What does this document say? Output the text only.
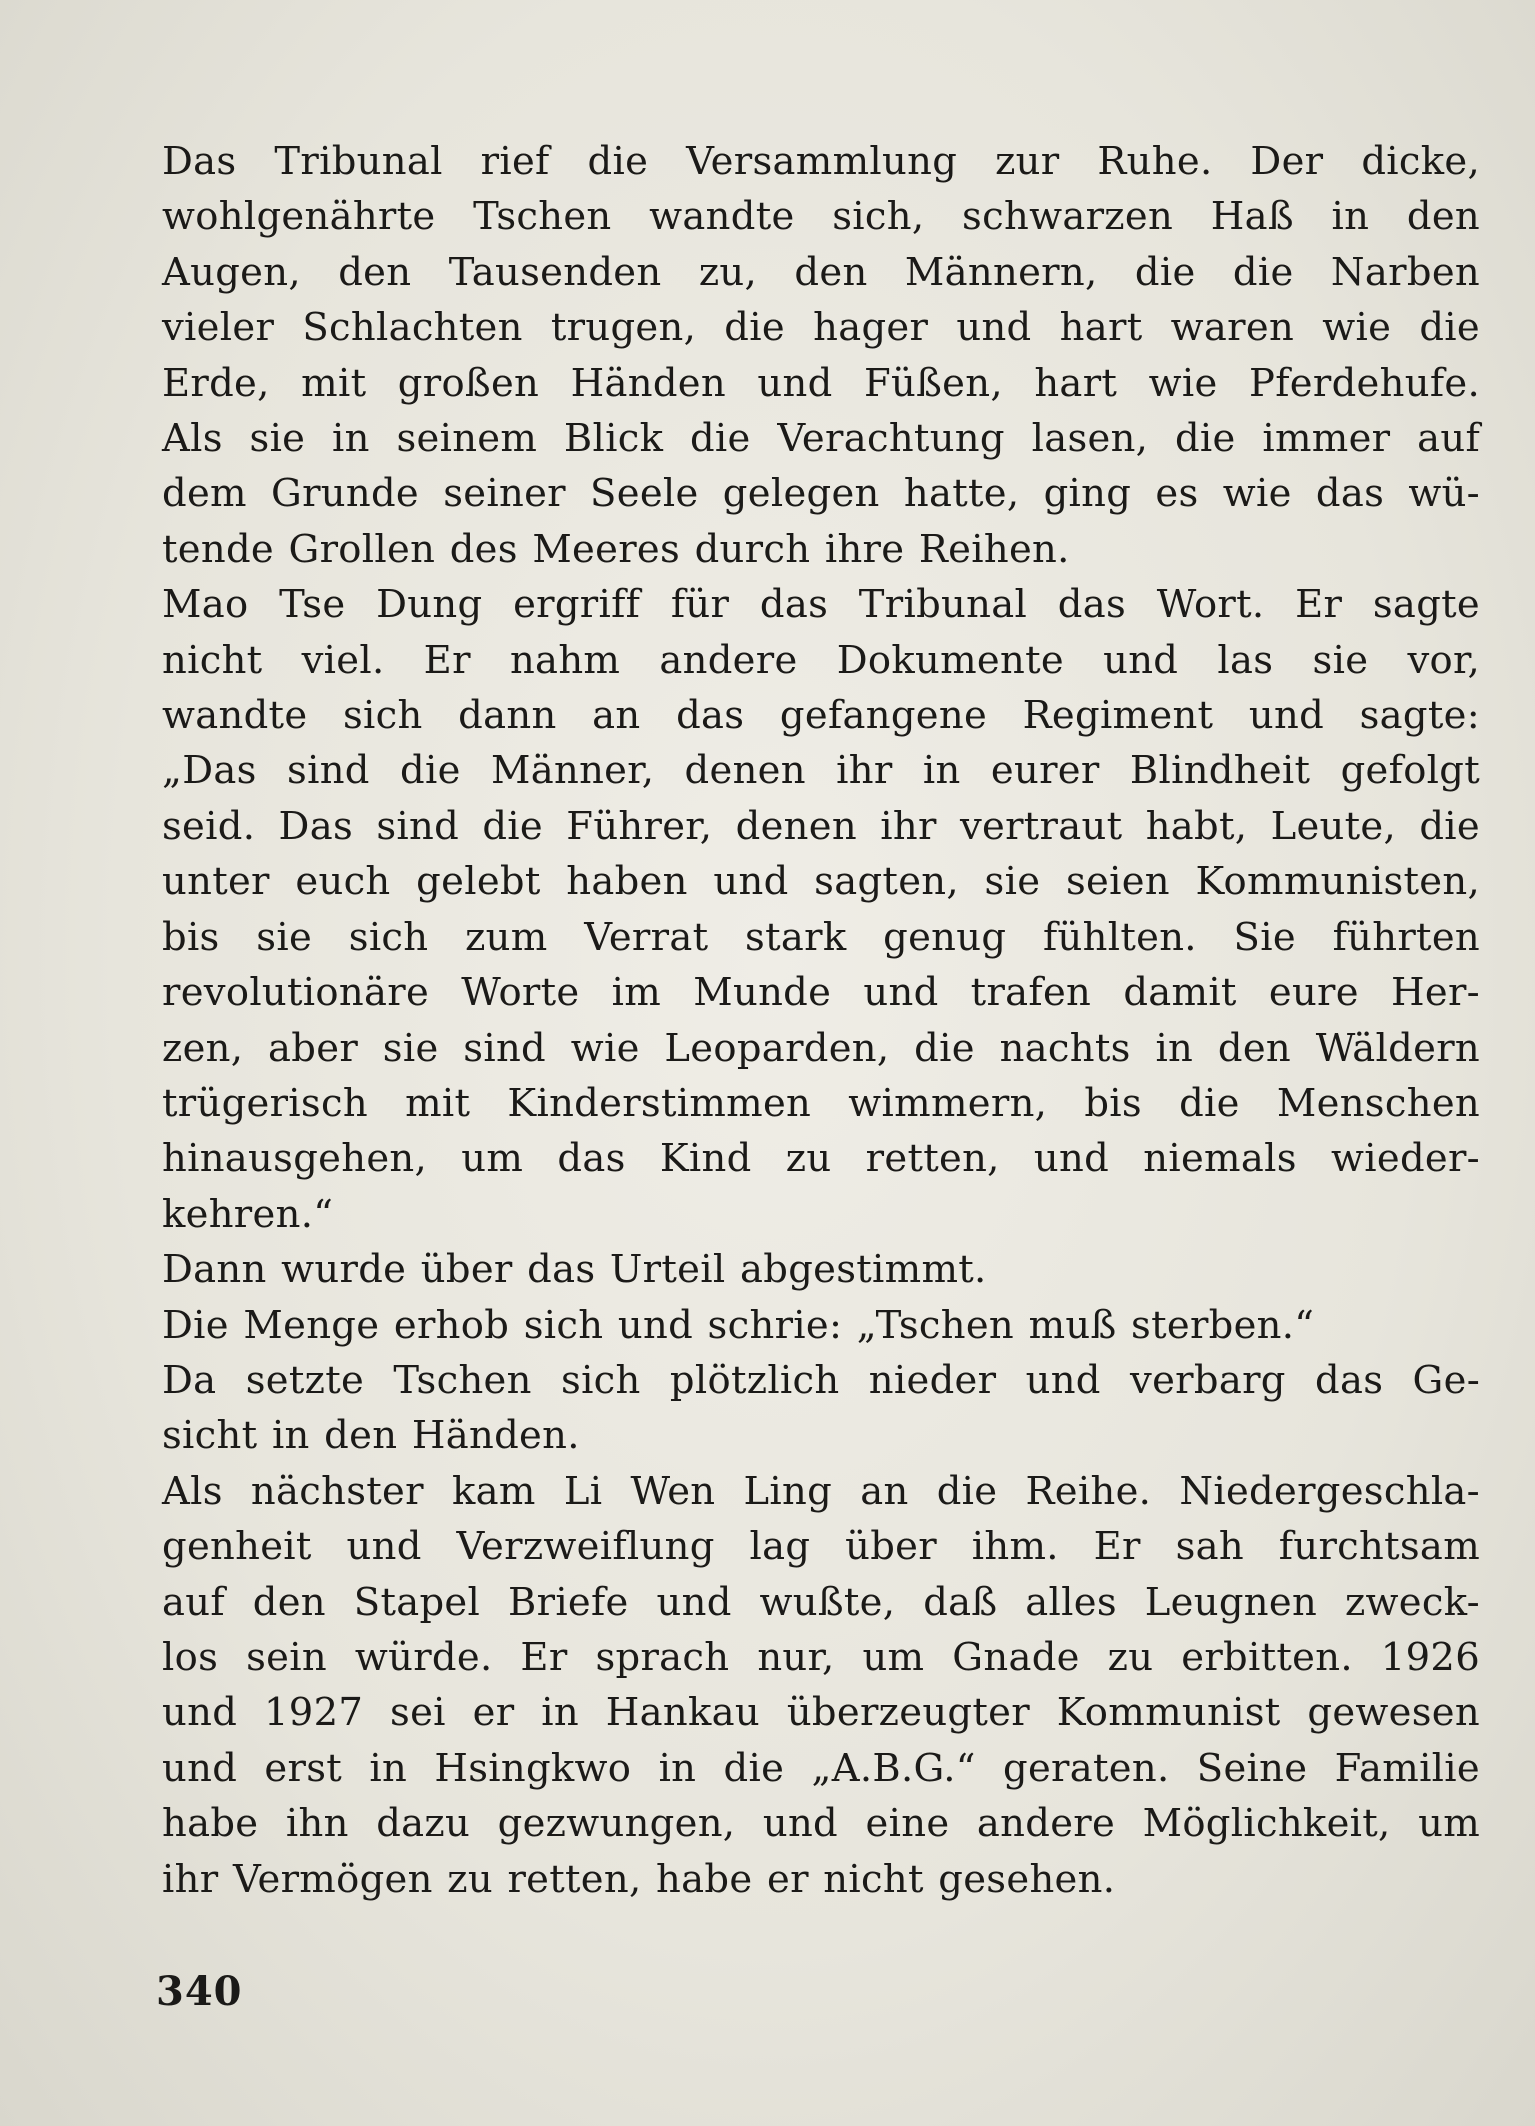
Das Tribunal rief die Versammlung zur Ruhe. Der dicke,
wohlgenährte Tschen wandte sich, schwarzen Haß in den
Augen, den Tausenden zu, den Männern, die die Narben
vieler Schlachten trugen, die hager und hart waren wie die
Erde, mit großen Händen und Füßen, hart wie Pferdehufe.
Als sie in seinem Blick die Verachtung lasen, die immer auf
dem Grunde seiner Seele gelegen hatte, ging es wie das wü-
tende Grollen des Meeres durch ihre Reihen.

Mao Tse Dung ergriff für das Tribunal das Wort. Er sagte
nicht viel. Er nahm andere Dokumente und las sie vor,
wandte sich dann an das gefangene Regiment und sagte:
„Das sind die Männer, denen ihr in eurer Blindheit gefolgt
seid. Das sind die Führer, denen ihr vertraut habt, Leute, die
unter euch gelebt haben und sagten, sie seien Kommunisten,
bis sie sich zum Verrat stark genug fühlten. Sie führten
revolutionäre Worte im Munde und trafen damit eure Her-
zen, aber sie sind wie Leoparden, die nachts in den Wäldern
trügerisch mit Kinderstimmen wimmern, bis die Menschen
hinausgehen, um das Kind zu retten, und niemals wieder-
kehren.“

Dann wurde über das Urteil abgestimmt.

Die Menge erhob sich und schrie: „Tschen muß sterben.“

Da setzte Tschen sich plötzlich nieder und verbarg das Ge-
sicht in den Händen.

Als nächster kam Li Wen Ling an die Reihe. Niedergeschla-
genheit und Verzweiflung lag über ihm. Er sah furchtsam
auf den Stapel Briefe und wußte, daß alles Leugnen zweck-
los sein würde. Er sprach nur, um Gnade zu erbitten. 1926
und 1927 sei er in Hankau überzeugter Kommunist gewesen
und erst in Hsingkwo in die „A.B.G.“ geraten. Seine Familie
habe ihn dazu gezwungen, und eine andere Möglichkeit, um
ihr Vermögen zu retten, habe er nicht gesehen.

340
